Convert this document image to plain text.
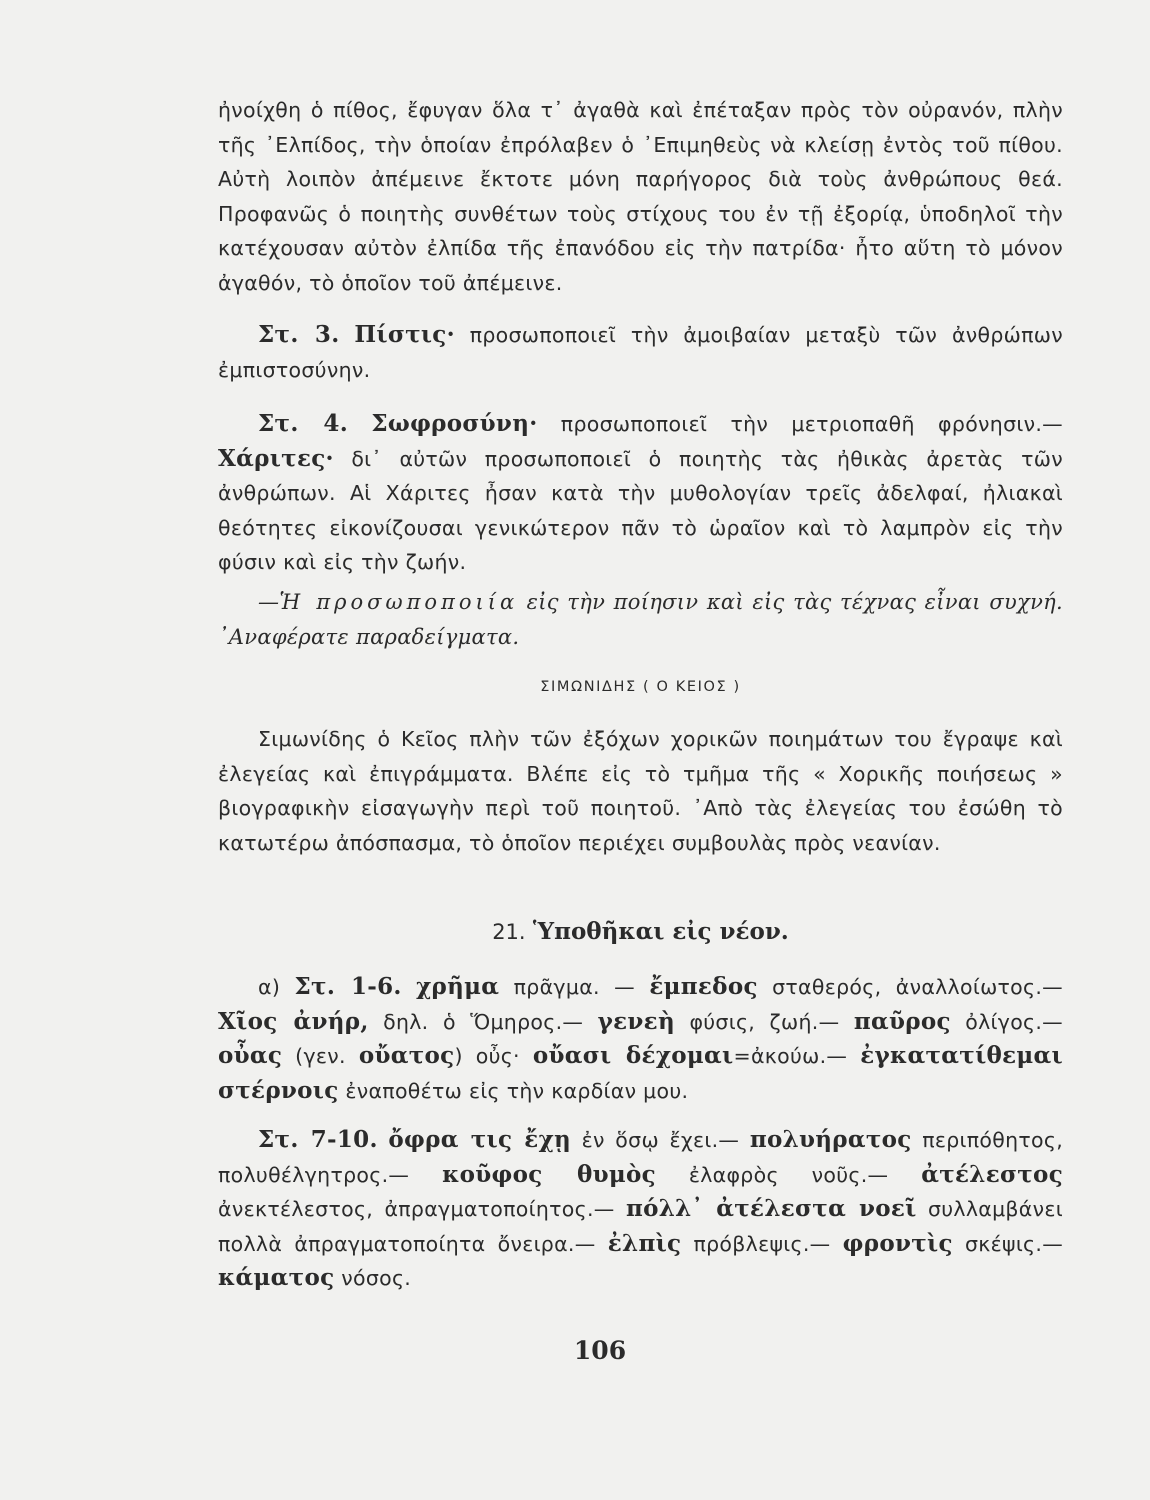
ἠνοίχθη ὁ πίθος, ἔφυγαν ὅλα τ᾽ ἀγαθὰ καὶ ἐπέταξαν πρὸς τὸν οὐρανόν, πλὴν τῆς ᾽Ελπίδος, τὴν ὁποίαν ἐπρόλαβεν ὁ ᾽Επιμηθεὺς νὰ κλείσῃ ἐντὸς τοῦ πίθου. Αὐτὴ λοιπὸν ἀπέμεινε ἔκτοτε μόνη παρήγορος διὰ τοὺς ἀνθρώπους θεά. Προφανῶς ὁ ποιητὴς συνθέτων τοὺς στίχους του ἐν τῇ ἐξορίᾳ, ὑποδηλοῖ τὴν κατέχουσαν αὐτὸν ἐλπίδα τῆς ἐπανόδου εἰς τὴν πατρίδα· ἦτο αὕτη τὸ μόνον ἀγαθόν, τὸ ὁποῖον τοῦ ἀπέμεινε.

Στ. 3. Πίστις· προσωποποιεῖ τὴν ἀμοιβαίαν μεταξὺ τῶν ἀνθρώπων ἐμπιστοσύνην.

Στ. 4. Σωφροσύνη· προσωποποιεῖ τὴν μετριοπαθῆ φρόνησιν.— Χάριτες· δι᾽ αὐτῶν προσωποποιεῖ ὁ ποιητὴς τὰς ἠθικὰς ἀρετὰς τῶν ἀνθρώπων. Αἱ Χάριτες ἦσαν κατὰ τὴν μυθολογίαν τρεῖς ἀδελφαί, ἠλιακαὶ θεότητες εἰκονίζουσαι γενικώτερον πᾶν τὸ ὡραῖον καὶ τὸ λαμπρὸν εἰς τὴν φύσιν καὶ εἰς τὴν ζωήν.

—Ἡ προσωποποιία εἰς τὴν ποίησιν καὶ εἰς τὰς τέχνας εἶναι συχνή. ᾽Αναφέρατε παραδείγματα.

ΣΙΜΩΝΙΔΗΣ ( Ο ΚΕΙΟΣ )

Σιμωνίδης ὁ Κεῖος πλὴν τῶν ἐξόχων χορικῶν ποιημάτων του ἔγραψε καὶ ἐλεγείας καὶ ἐπιγράμματα. Βλέπε εἰς τὸ τμῆμα τῆς « Χορικῆς ποιήσεως » βιογραφικὴν εἰσαγωγὴν περὶ τοῦ ποιητοῦ. ᾽Απὸ τὰς ἐλεγείας του ἐσώθη τὸ κατωτέρω ἀπόσπασμα, τὸ ὁποῖον περιέχει συμβουλὰς πρὸς νεανίαν.

21. Ὑποθῆκαι εἰς νέον.

α) Στ. 1-6. χρῆμα πρᾶγμα. — ἔμπεδος σταθερός, ἀναλλοίωτος.— Χῖος ἀνήρ, δηλ. ὁ Ὅμηρος.— γενεὴ φύσις, ζωή.— παῦρος ὀλίγος.— οὖας (γεν. οὔατος) οὖς· οὔασι δέχομαι=ἀκούω.— ἐγκατατίθεμαι στέρνοις ἐναποθέτω εἰς τὴν καρδίαν μου.

Στ. 7-10. ὄφρα τις ἔχῃ ἐν ὅσῳ ἔχει.— πολυήρατος περιπόθητος, πολυθέλγητρος.— κοῦφος θυμὸς ἐλαφρὸς νοῦς.— ἀτέλεστος ἀνεκτέλεστος, ἀπραγματοποίητος.— πόλλ᾽ ἀτέλεστα νοεῖ συλλαμβάνει πολλὰ ἀπραγματοποίητα ὄνειρα.— ἐλπὶς πρόβλεψις.— φροντὶς σκέψις.—κάματος νόσος.

106
